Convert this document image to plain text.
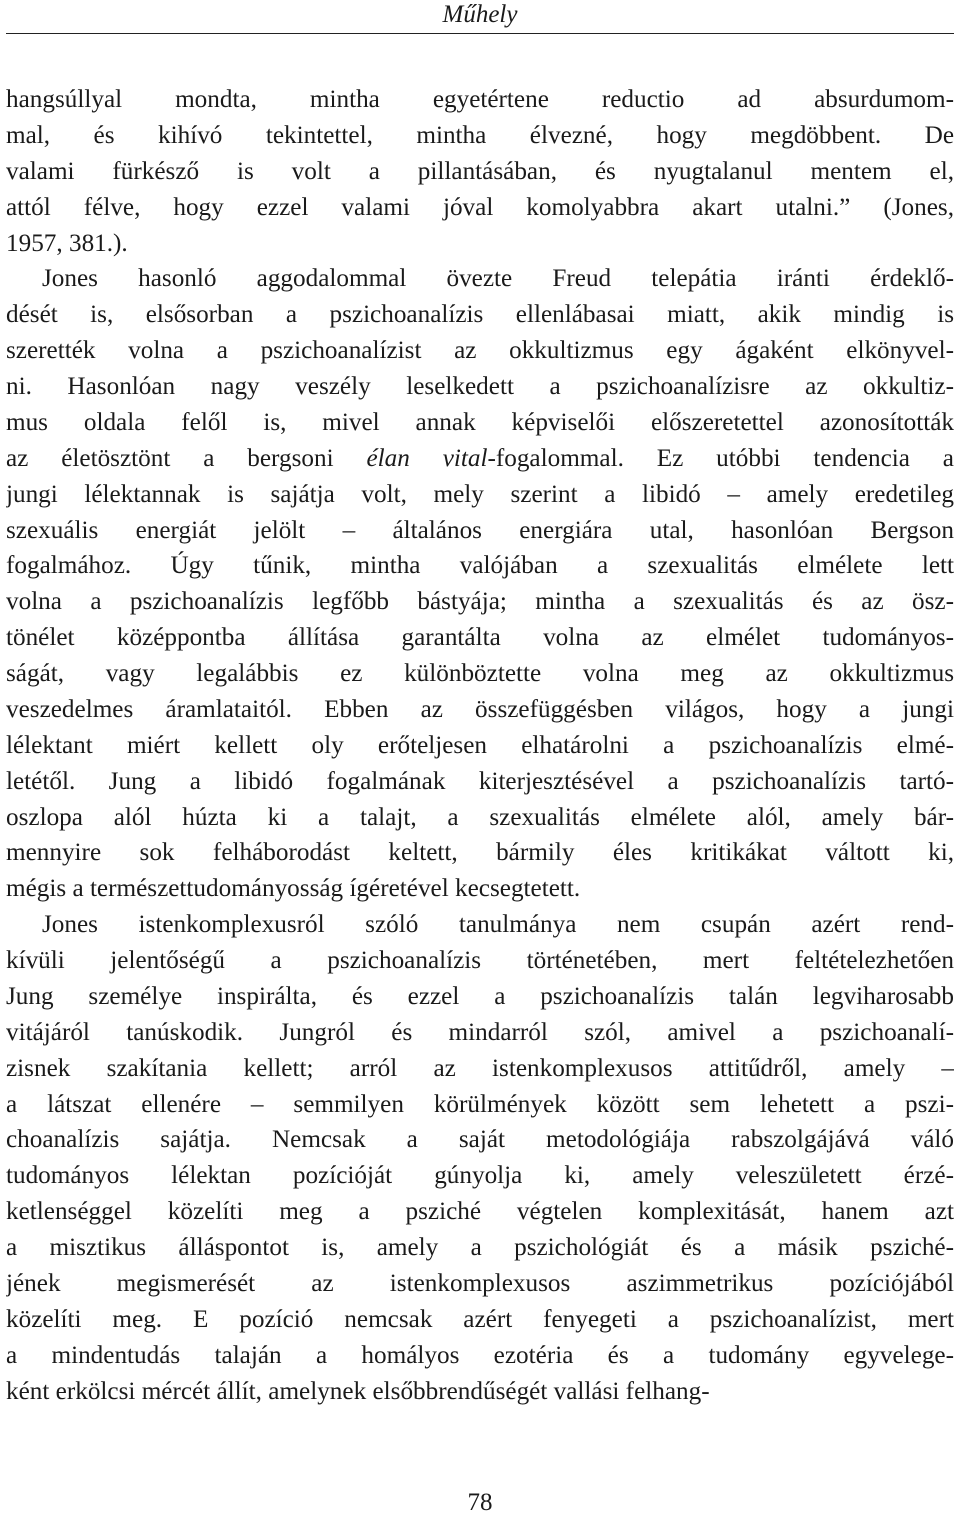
Műhely
hangsúllyal mondta, mintha egyetértene reductio ad absurdumom-
mal, és kihívó tekintettel, mintha élvezné, hogy megdöbbent. De
valami fürkésző is volt a pillantásában, és nyugtalanul mentem el,
attól félve, hogy ezzel valami jóval komolyabbra akart utalni.” (Jones,
1957, 381.).
Jones hasonló aggodalommal övezte Freud telepátia iránti érdeklő-
dését is, elsősorban a pszichoanalízis ellenlábasai miatt, akik mindig is
szerették volna a pszichoanalízist az okkultizmus egy ágaként elkönyvel-
ni. Hasonlóan nagy veszély leselkedett a pszichoanalízisre az okkultiz-
mus oldala felől is, mivel annak képviselői előszeretettel azonosították
az életösztönt a bergsoni élan vital-fogalommal. Ez utóbbi tendencia a
jungi lélektannak is sajátja volt, mely szerint a libidó – amely eredetileg
szexuális energiát jelölt – általános energiára utal, hasonlóan Bergson
fogalmához. Úgy tűnik, mintha valójában a szexualitás elmélete lett
volna a pszichoanalízis legfőbb bástyája; mintha a szexualitás és az ösz-
tönélet középpontba állítása garantálta volna az elmélet tudományos-
ságát, vagy legalábbis ez különböztette volna meg az okkultizmus
veszedelmes áramlataitól. Ebben az összefüggésben világos, hogy a jungi
lélektant miért kellett oly erőteljesen elhatárolni a pszichoanalízis elmé-
letétől. Jung a libidó fogalmának kiterjesztésével a pszichoanalízis tartó-
oszlopa alól húzta ki a talajt, a szexualitás elmélete alól, amely bár-
mennyire sok felháborodást keltett, bármily éles kritikákat váltott ki,
mégis a természettudományosság ígéretével kecsegtetett.
Jones istenkomplexusról szóló tanulmánya nem csupán azért rend-
kívüli jelentőségű a pszichoanalízis történetében, mert feltételezhetően
Jung személye inspirálta, és ezzel a pszichoanalízis talán legviharosabb
vitájáról tanúskodik. Jungról és mindarról szól, amivel a pszichoanalí-
zisnek szakítania kellett; arról az istenkomplexusos attitűdről, amely –
a látszat ellenére – semmilyen körülmények között sem lehetett a pszi-
choanalízis sajátja. Nemcsak a saját metodológiája rabszolgájává váló
tudományos lélektan pozícióját gúnyolja ki, amely veleszületett érzé-
ketlenséggel közelíti meg a psziché végtelen komplexitását, hanem azt
a misztikus álláspontot is, amely a pszichológiát és a másik psziché-
jének megismerését az istenkomplexusos aszimmetrikus pozíciójából
közelíti meg. E pozíció nemcsak azért fenyegeti a pszichoanalízist, mert
a mindentudás talaján a homályos ezotéria és a tudomány egyvelege-
ként erkölcsi mércét állít, amelynek elsőbbrendűségét vallási felhang-
78
